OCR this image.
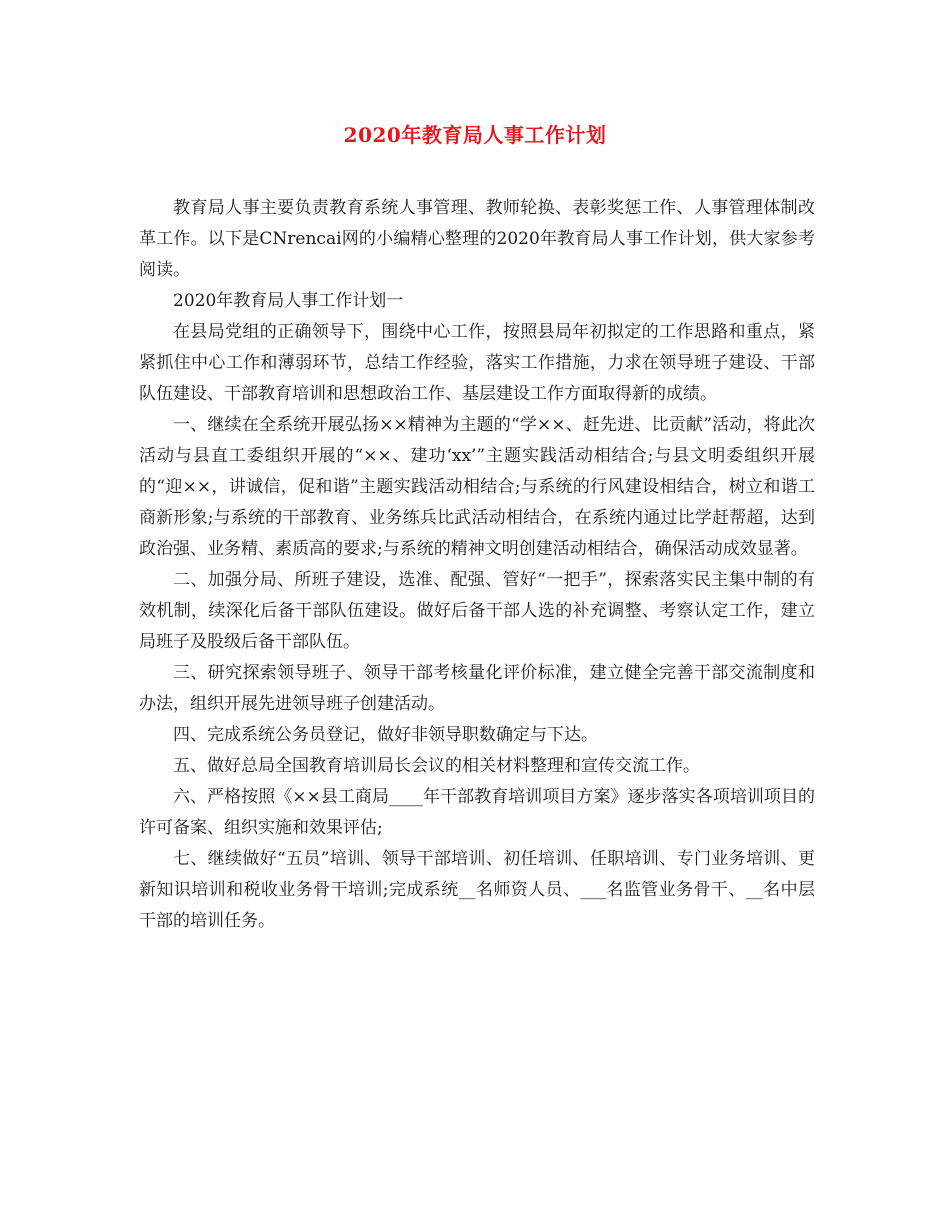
2020年教育局人事工作计划

教育局人事主要负责教育系统人事管理、教师轮换、表彰奖惩工作、人事管理体制改革工作。以下是CNrencai网的小编精心整理的2020年教育局人事工作计划，供大家参考阅读。

2020年教育局人事工作计划一

在县局党组的正确领导下，围绕中心工作，按照县局年初拟定的工作思路和重点，紧紧抓住中心工作和薄弱环节，总结工作经验，落实工作措施，力求在领导班子建设、干部队伍建设、干部教育培训和思想政治工作、基层建设工作方面取得新的成绩。

一、继续在全系统开展弘扬××精神为主题的“学××、赶先进、比贡献”活动，将此次活动与县直工委组织开展的“××、建功‘xx’”主题实践活动相结合;与县文明委组织开展的“迎××，讲诚信，促和谐”主题实践活动相结合;与系统的行风建设相结合，树立和谐工商新形象;与系统的干部教育、业务练兵比武活动相结合，在系统内通过比学赶帮超，达到政治强、业务精、素质高的要求;与系统的精神文明创建活动相结合，确保活动成效显著。

二、加强分局、所班子建设，选准、配强、管好“一把手”，探索落实民主集中制的有效机制，续深化后备干部队伍建设。做好后备干部人选的补充调整、考察认定工作，建立局班子及股级后备干部队伍。

三、研究探索领导班子、领导干部考核量化评价标准，建立健全完善干部交流制度和办法，组织开展先进领导班子创建活动。

四、完成系统公务员登记，做好非领导职数确定与下达。

五、做好总局全国教育培训局长会议的相关材料整理和宣传交流工作。

六、严格按照《××县工商局____年干部教育培训项目方案》逐步落实各项培训项目的许可备案、组织实施和效果评估;

七、继续做好“五员”培训、领导干部培训、初任培训、任职培训、专门业务培训、更新知识培训和税收业务骨干培训;完成系统__名师资人员、___名监管业务骨干、__名中层干部的培训任务。
